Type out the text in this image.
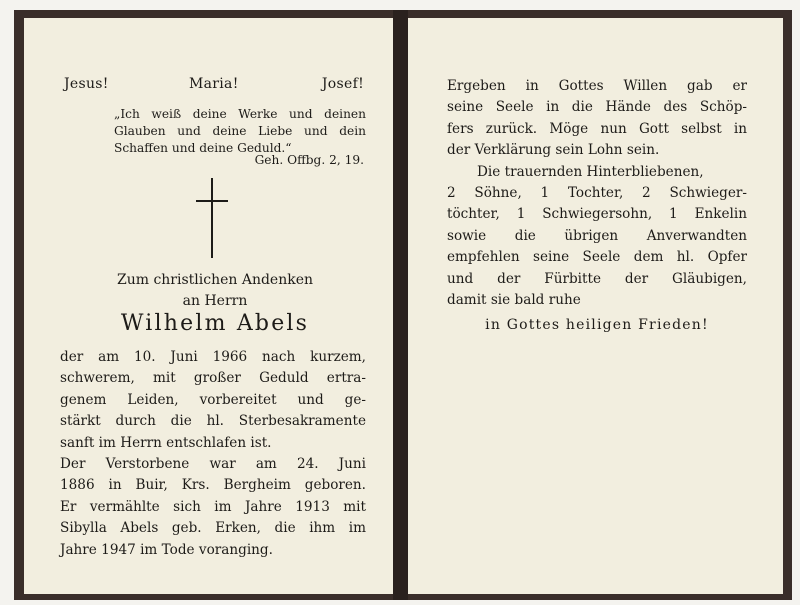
Jesus!	Maria!	Josef!
„Ich weiß deine Werke und deinen
Glauben und deine Liebe und dein
Schaffen und deine Geduld.“
Geh. Offbg. 2, 19.
Zum christlichen Andenken
an Herrn
Wilhelm Abels
der am 10. Juni 1966 nach kurzem,
schwerem, mit großer Geduld ertra-
genem Leiden, vorbereitet und ge-
stärkt durch die hl. Sterbesakramente
sanft im Herrn entschlafen ist.
Der Verstorbene war am 24. Juni
1886 in Buir, Krs. Bergheim geboren.
Er vermählte sich im Jahre 1913 mit
Sibylla Abels geb. Erken, die ihm im
Jahre 1947 im Tode voranging.
Ergeben in Gottes Willen gab er
seine Seele in die Hände des Schöp-
fers zurück. Möge nun Gott selbst in
der Verklärung sein Lohn sein.
Die trauernden Hinterbliebenen,
2 Söhne, 1 Tochter, 2 Schwieger-
töchter, 1 Schwiegersohn, 1 Enkelin
sowie die übrigen Anverwandten
empfehlen seine Seele dem hl. Opfer
und der Fürbitte der Gläubigen,
damit sie bald ruhe
in Gottes heiligen Frieden!
